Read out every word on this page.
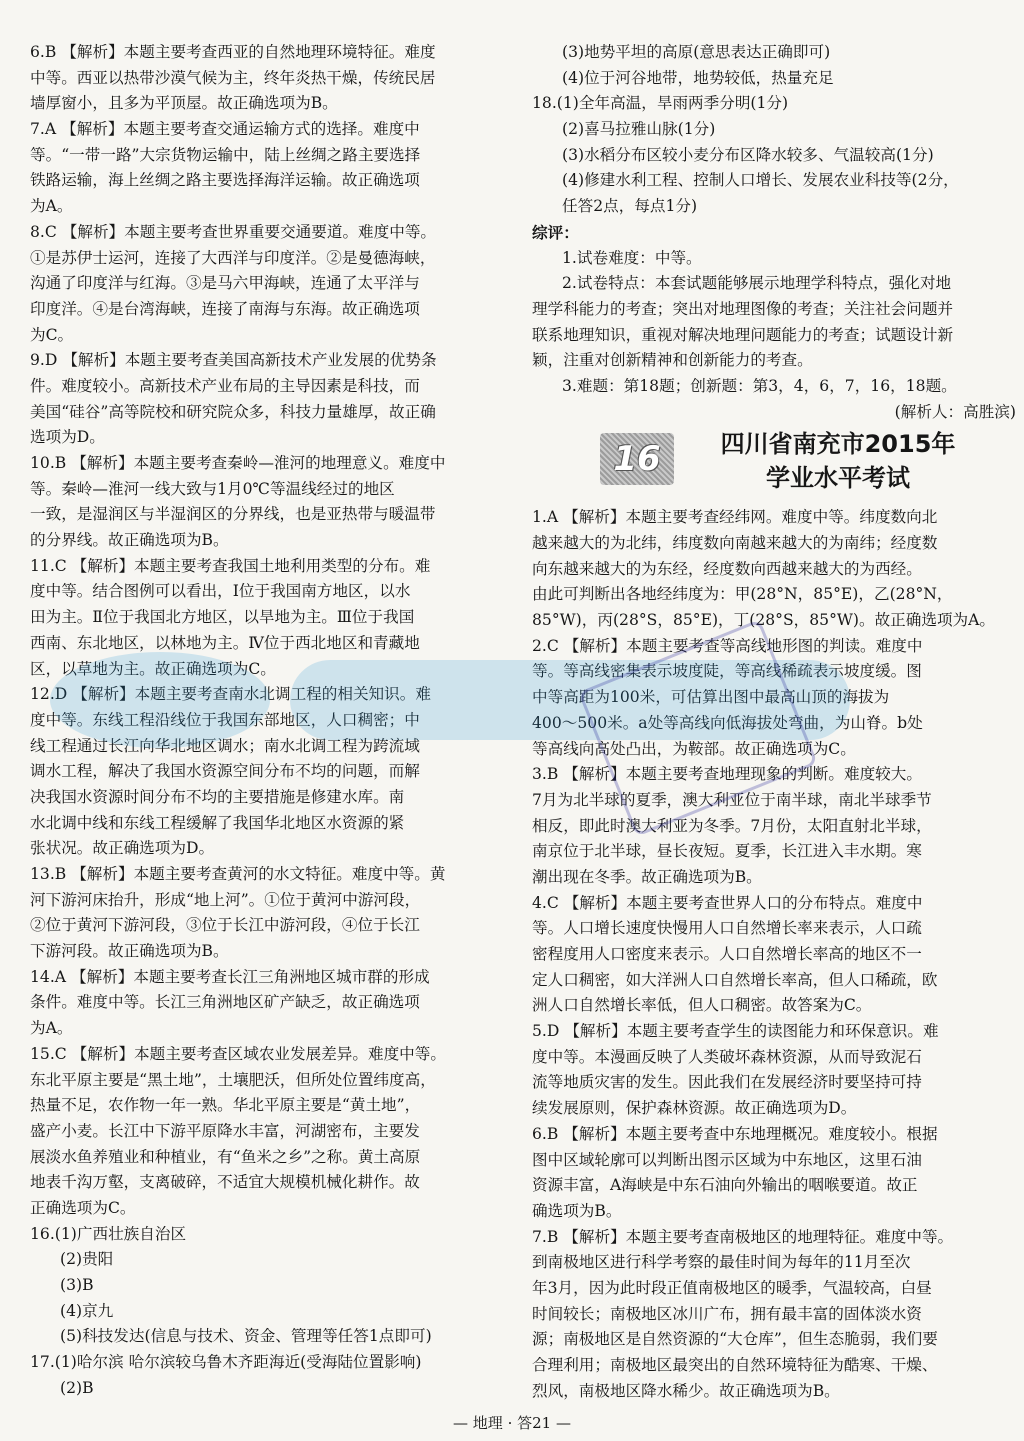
6.B 【解析】本题主要考查西亚的自然地理环境特征。难度
中等。西亚以热带沙漠气候为主，终年炎热干燥，传统民居
墙厚窗小，且多为平顶屋。故正确选项为B。
7.A 【解析】本题主要考查交通运输方式的选择。难度中
等。“一带一路”大宗货物运输中，陆上丝绸之路主要选择
铁路运输，海上丝绸之路主要选择海洋运输。故正确选项
为A。
8.C 【解析】本题主要考查世界重要交通要道。难度中等。
①是苏伊士运河，连接了大西洋与印度洋。②是曼德海峡，
沟通了印度洋与红海。③是马六甲海峡，连通了太平洋与
印度洋。④是台湾海峡，连接了南海与东海。故正确选项
为C。
9.D 【解析】本题主要考查美国高新技术产业发展的优势条
件。难度较小。高新技术产业布局的主导因素是科技，而
美国“硅谷”高等院校和研究院众多，科技力量雄厚，故正确
选项为D。
10.B 【解析】本题主要考查秦岭—淮河的地理意义。难度中
等。秦岭—淮河一线大致与1月0℃等温线经过的地区
一致，是湿润区与半湿润区的分界线，也是亚热带与暖温带
的分界线。故正确选项为B。
11.C 【解析】本题主要考查我国土地利用类型的分布。难
度中等。结合图例可以看出，Ⅰ位于我国南方地区，以水
田为主。Ⅱ位于我国北方地区，以旱地为主。Ⅲ位于我国
西南、东北地区，以林地为主。Ⅳ位于西北地区和青藏地
区，以草地为主。故正确选项为C。
12.D 【解析】本题主要考查南水北调工程的相关知识。难
度中等。东线工程沿线位于我国东部地区，人口稠密；中
线工程通过长江向华北地区调水；南水北调工程为跨流域
调水工程，解决了我国水资源空间分布不均的问题，而解
决我国水资源时间分布不均的主要措施是修建水库。南
水北调中线和东线工程缓解了我国华北地区水资源的紧
张状况。故正确选项为D。
13.B 【解析】本题主要考查黄河的水文特征。难度中等。黄
河下游河床抬升，形成“地上河”。①位于黄河中游河段，
②位于黄河下游河段，③位于长江中游河段，④位于长江
下游河段。故正确选项为B。
14.A 【解析】本题主要考查长江三角洲地区城市群的形成
条件。难度中等。长江三角洲地区矿产缺乏，故正确选项
为A。
15.C 【解析】本题主要考查区域农业发展差异。难度中等。
东北平原主要是“黑土地”，土壤肥沃，但所处位置纬度高，
热量不足，农作物一年一熟。华北平原主要是“黄土地”，
盛产小麦。长江中下游平原降水丰富，河湖密布，主要发
展淡水鱼养殖业和种植业，有“鱼米之乡”之称。黄土高原
地表千沟万壑，支离破碎，不适宜大规模机械化耕作。故
正确选项为C。
16.(1)广西壮族自治区
(2)贵阳
(3)B
(4)京九
(5)科技发达(信息与技术、资金、管理等任答1点即可)
17.(1)哈尔滨 哈尔滨较乌鲁木齐距海近(受海陆位置影响)
(2)B
(3)地势平坦的高原(意思表达正确即可)
(4)位于河谷地带，地势较低，热量充足
18.(1)全年高温，旱雨两季分明(1分)
(2)喜马拉雅山脉(1分)
(3)水稻分布区较小麦分布区降水较多、气温较高(1分)
(4)修建水利工程、控制人口增长、发展农业科技等(2分，
任答2点，每点1分)
综评：
1.试卷难度：中等。
2.试卷特点：本套试题能够展示地理学科特点，强化对地
理学科能力的考查；突出对地理图像的考查；关注社会问题并
联系地理知识，重视对解决地理问题能力的考查；试题设计新
颖，注重对创新精神和创新能力的考查。
3.难题：第18题；创新题：第3，4，6，7，16，18题。
(解析人：高胜滨)
16	四川省南充市2015年
学业水平考试
1.A 【解析】本题主要考查经纬网。难度中等。纬度数向北
越来越大的为北纬，纬度数向南越来越大的为南纬；经度数
向东越来越大的为东经，经度数向西越来越大的为西经。
由此可判断出各地经纬度为：甲(28°N，85°E)，乙(28°N，
85°W)，丙(28°S，85°E)，丁(28°S，85°W)。故正确选项为A。
2.C 【解析】本题主要考查等高线地形图的判读。难度中
等。等高线密集表示坡度陡，等高线稀疏表示坡度缓。图
中等高距为100米，可估算出图中最高山顶的海拔为
400～500米。a处等高线向低海拔处弯曲，为山脊。b处
等高线向高处凸出，为鞍部。故正确选项为C。
3.B 【解析】本题主要考查地理现象的判断。难度较大。
7月为北半球的夏季，澳大利亚位于南半球，南北半球季节
相反，即此时澳大利亚为冬季。7月份，太阳直射北半球，
南京位于北半球，昼长夜短。夏季，长江进入丰水期。寒
潮出现在冬季。故正确选项为B。
4.C 【解析】本题主要考查世界人口的分布特点。难度中
等。人口增长速度快慢用人口自然增长率来表示，人口疏
密程度用人口密度来表示。人口自然增长率高的地区不一
定人口稠密，如大洋洲人口自然增长率高，但人口稀疏，欧
洲人口自然增长率低，但人口稠密。故答案为C。
5.D 【解析】本题主要考查学生的读图能力和环保意识。难
度中等。本漫画反映了人类破坏森林资源，从而导致泥石
流等地质灾害的发生。因此我们在发展经济时要坚持可持
续发展原则，保护森林资源。故正确选项为D。
6.B 【解析】本题主要考查中东地理概况。难度较小。根据
图中区域轮廓可以判断出图示区域为中东地区，这里石油
资源丰富，A海峡是中东石油向外输出的咽喉要道。故正
确选项为B。
7.B 【解析】本题主要考查南极地区的地理特征。难度中等。
到南极地区进行科学考察的最佳时间为每年的11月至次
年3月，因为此时段正值南极地区的暖季，气温较高，白昼
时间较长；南极地区冰川广布，拥有最丰富的固体淡水资
源；南极地区是自然资源的“大仓库”，但生态脆弱，我们要
合理利用；南极地区最突出的自然环境特征为酷寒、干燥、
烈风，南极地区降水稀少。故正确选项为B。
— 地理 · 答21 —
